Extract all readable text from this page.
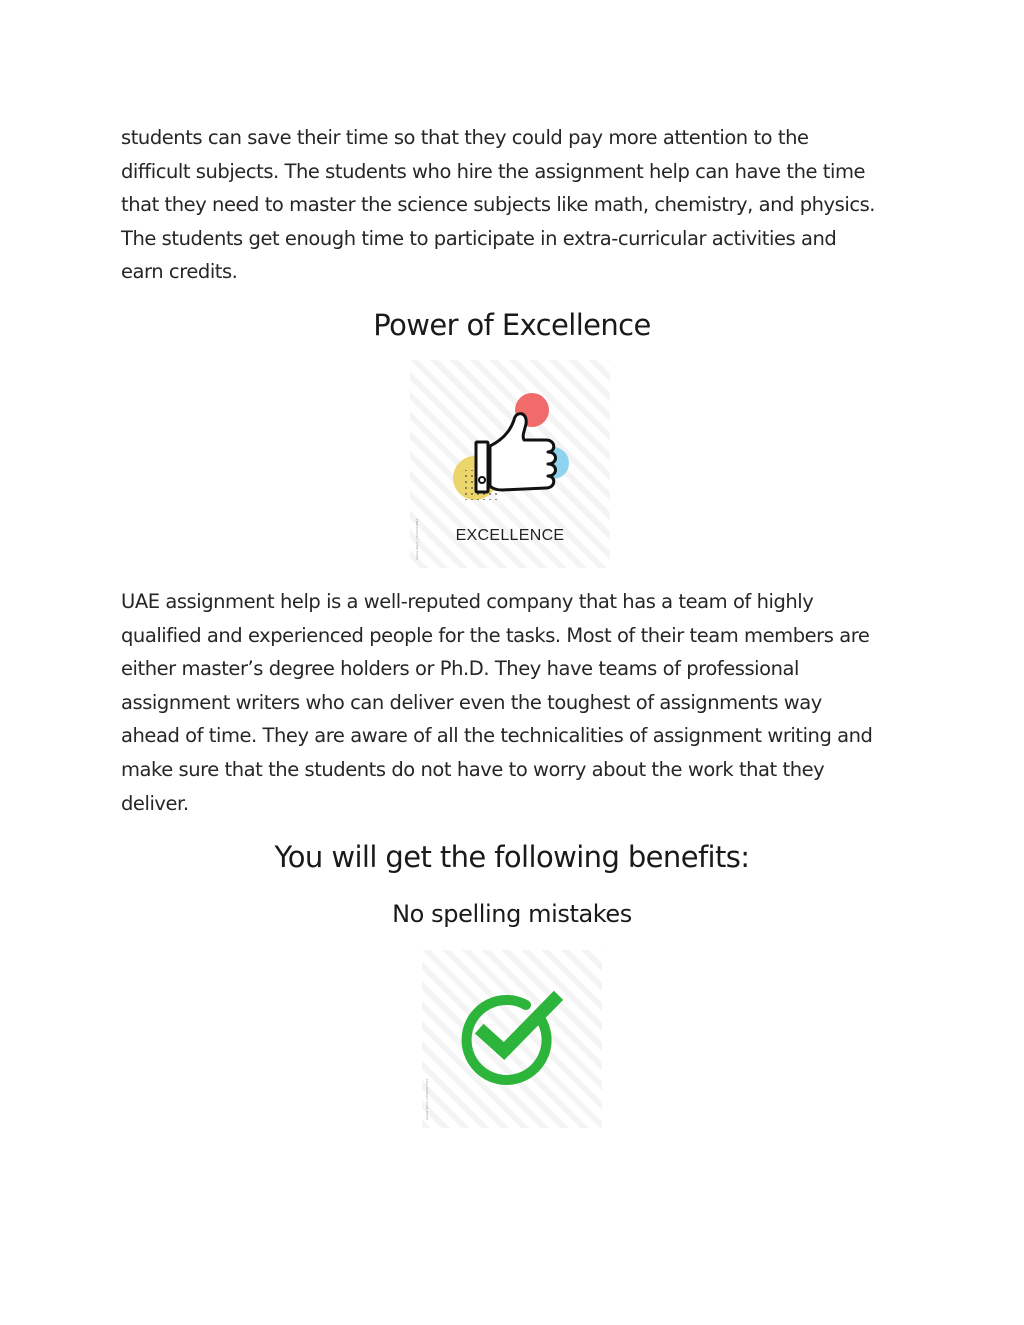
students can save their time so that they could pay more attention to the
difficult subjects. The students who hire the assignment help can have the time
that they need to master the science subjects like math, chemistry, and physics.
The students get enough time to participate in extra-curricular activities and
earn credits.

Power of Excellence
Adobe Stock | #432319894	EXCELLENCE

UAE assignment help is a well-reputed company that has a team of highly
qualified and experienced people for the tasks. Most of their team members are
either master’s degree holders or Ph.D. They have teams of professional
assignment writers who can deliver even the toughest of assignments way
ahead of time. They are aware of all the technicalities of assignment writing and
make sure that the students do not have to worry about the work that they
deliver.

You will get the following benefits:
No spelling mistakes
Adobe Stock | #402975567
